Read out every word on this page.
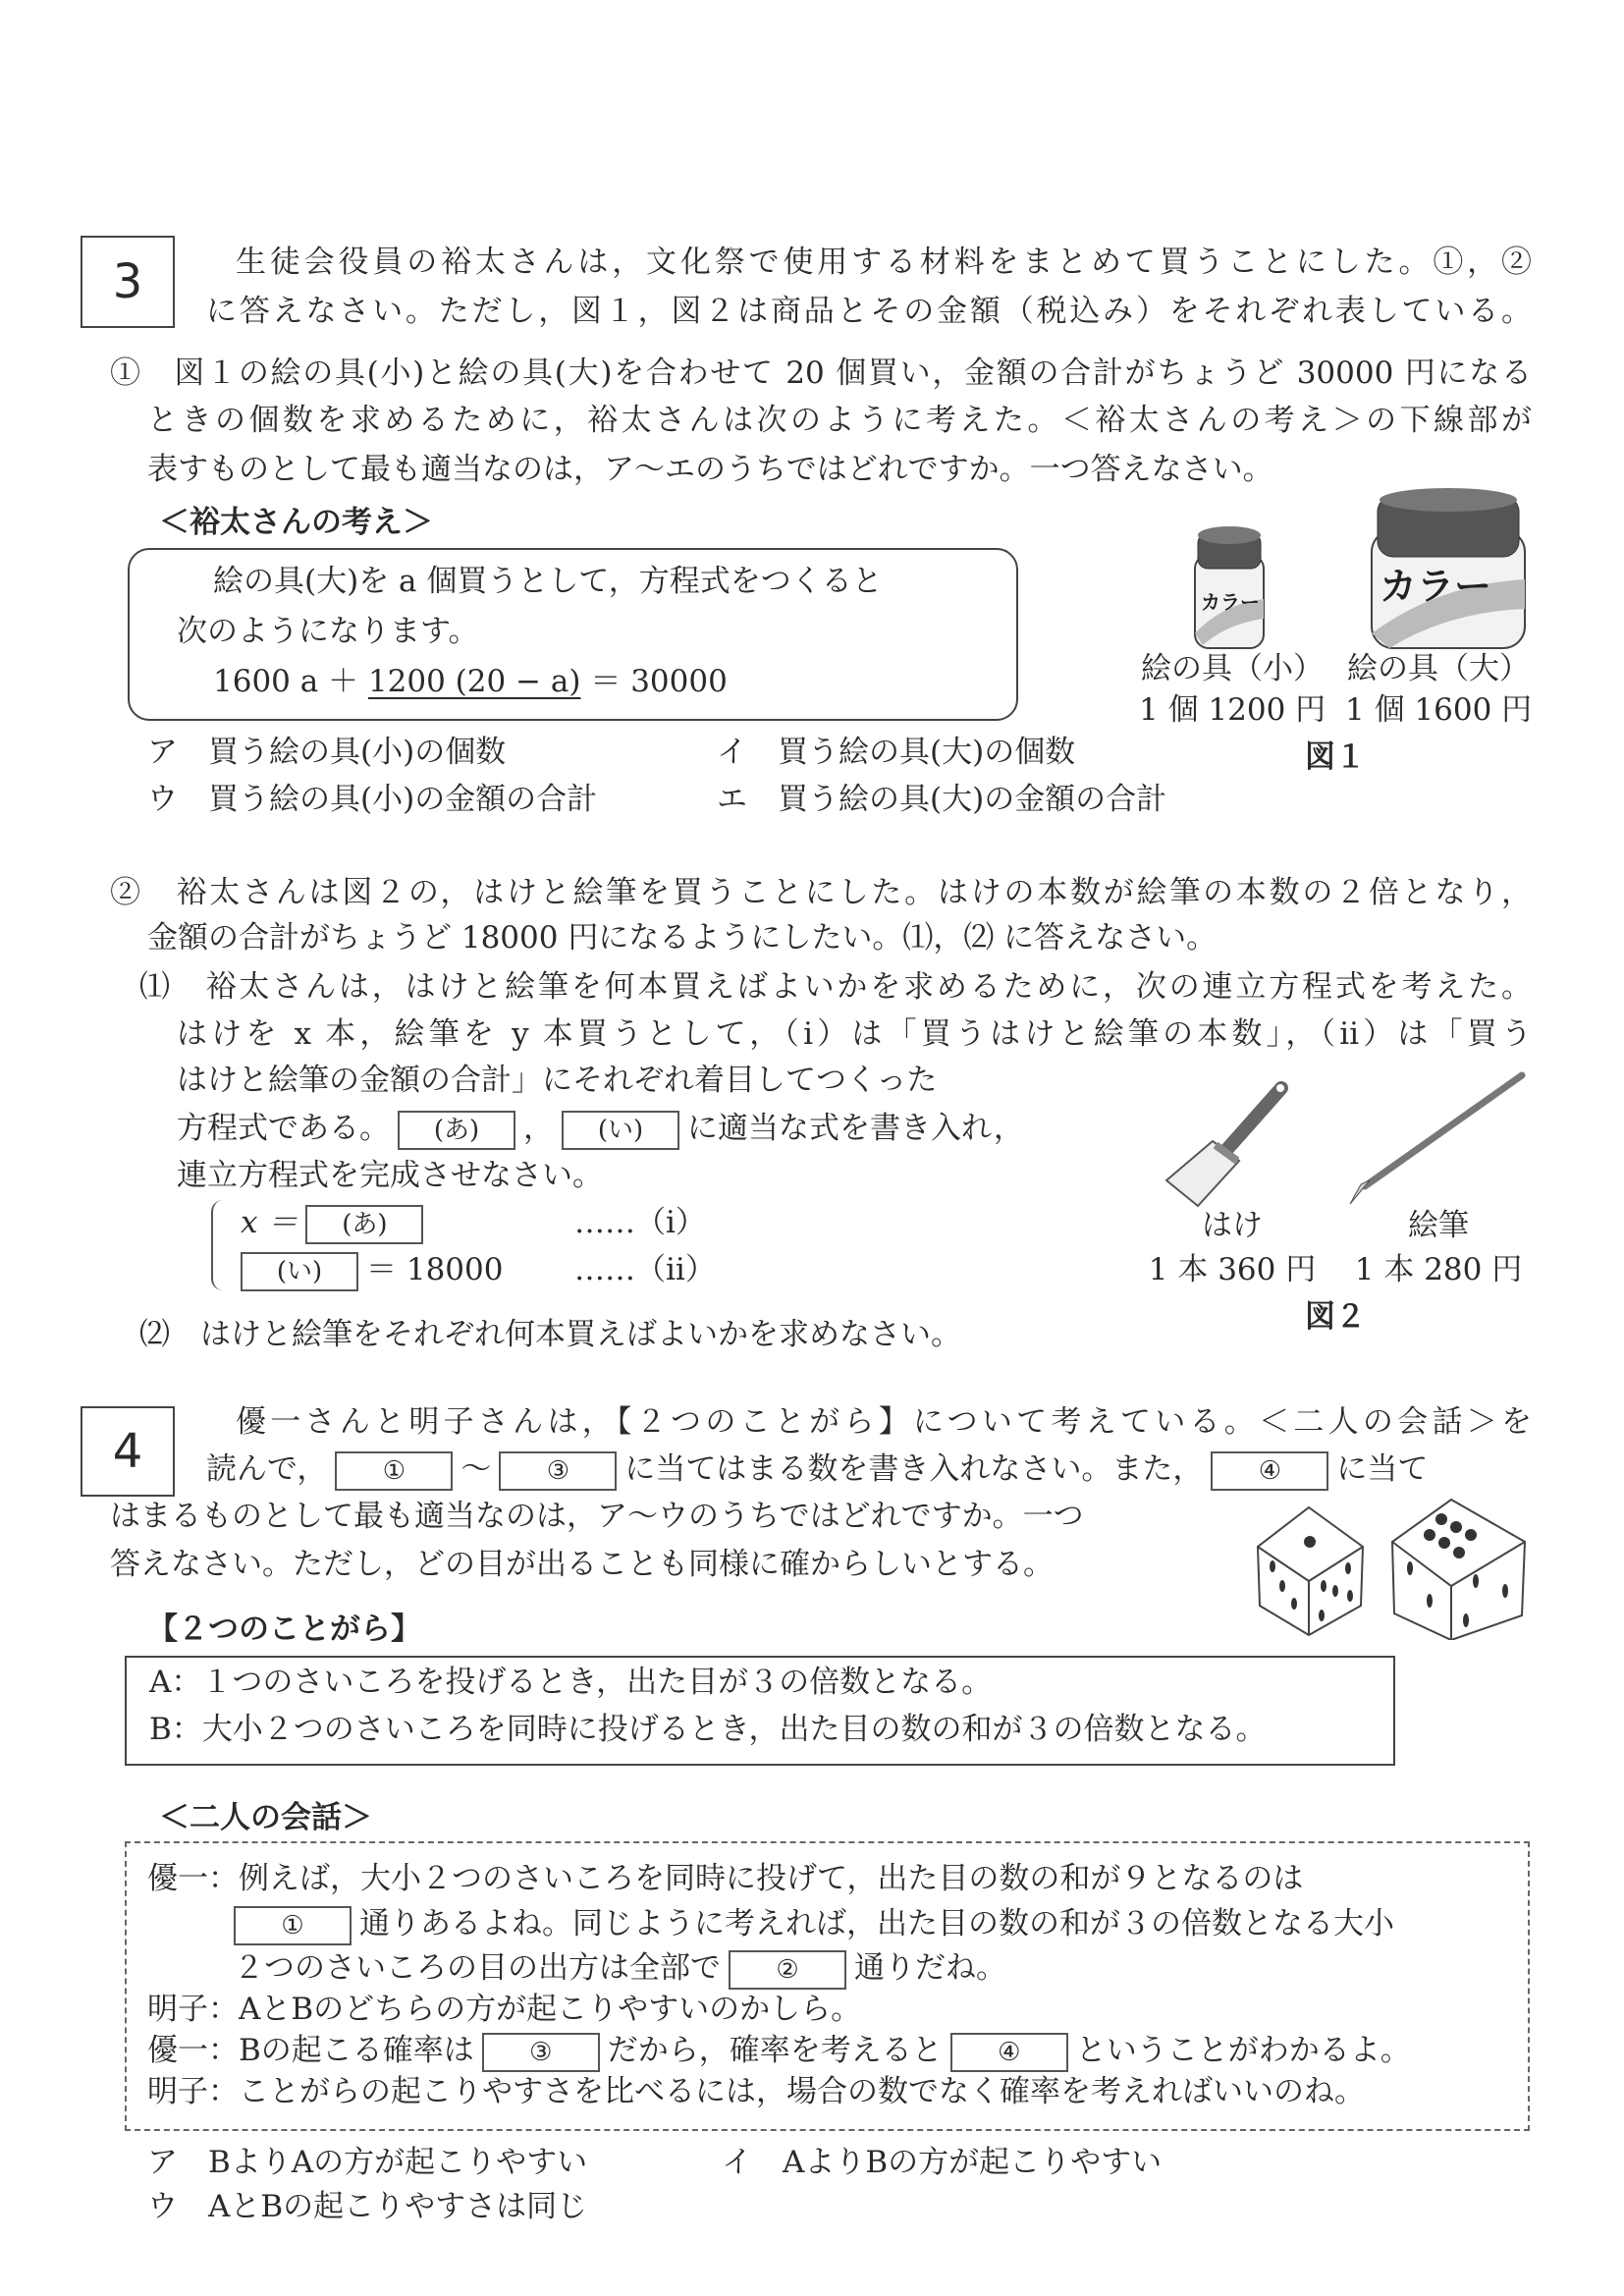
3	生徒会役員の裕太さんは，文化祭で使用する材料をまとめて買うことにした。①，②
に答えなさい。ただし，図１，図２は商品とその金額（税込み）をそれぞれ表している。
①　図１の絵の具(小)と絵の具(大)を合わせて 20 個買い，金額の合計がちょうど 30000 円になる
ときの個数を求めるために，裕太さんは次のように考えた。＜裕太さんの考え＞の下線部が
表すものとして最も適当なのは，ア〜エのうちではどれですか。一つ答えなさい。
＜裕太さんの考え＞
絵の具(大)を a 個買うとして，方程式をつくると
次のようになります。
1600 a ＋ 1200 (20 − a) ＝ 30000
カラー	カラー
絵の具（小） 絵の具（大）
1 個 1200 円 1 個 1600 円
図１
ア　買う絵の具(小)の個数	イ　買う絵の具(大)の個数
ウ　買う絵の具(小)の金額の合計	エ　買う絵の具(大)の金額の合計
②　裕太さんは図２の，はけと絵筆を買うことにした。はけの本数が絵筆の本数の２倍となり，
金額の合計がちょうど 18000 円になるようにしたい。⑴，⑵ に答えなさい。
⑴　裕太さんは，はけと絵筆を何本買えばよいかを求めるために，次の連立方程式を考えた。
はけを x 本，絵筆を y 本買うとして，（ⅰ）は「買うはけと絵筆の本数」，（ⅱ）は「買う
はけと絵筆の金額の合計」にそれぞれ着目してつくった
方程式である。 (あ) ， (い) に適当な式を書き入れ，
連立方程式を完成させなさい。
x ＝ (あ)	……（ⅰ）
(い) ＝ 18000 ……（ⅱ）
⑵　はけと絵筆をそれぞれ何本買えばよいかを求めなさい。
はけ	絵筆
1 本 360 円 1 本 280 円
図２
4
優一さんと明子さんは，【２つのことがら】について考えている。＜二人の会話＞を
読んで， ① 〜 ③ に当てはまる数を書き入れなさい。また， ④ に当て
はまるものとして最も適当なのは，ア〜ウのうちではどれですか。一つ
答えなさい。ただし，どの目が出ることも同様に確からしいとする。
【２つのことがら】
A：１つのさいころを投げるとき，出た目が３の倍数となる。
B：大小２つのさいころを同時に投げるとき，出た目の数の和が３の倍数となる。
＜二人の会話＞
優一：例えば，大小２つのさいころを同時に投げて，出た目の数の和が９となるのは
① 通りあるよね。同じように考えれば，出た目の数の和が３の倍数となる大小
２つのさいころの目の出方は全部で ② 通りだね。
明子：AとBのどちらの方が起こりやすいのかしら。
優一：Bの起こる確率は ③ だから，確率を考えると ④ ということがわかるよ。
明子：ことがらの起こりやすさを比べるには，場合の数でなく確率を考えればいいのね。
ア　BよりAの方が起こりやすい	イ　AよりBの方が起こりやすい
ウ　AとBの起こりやすさは同じ
